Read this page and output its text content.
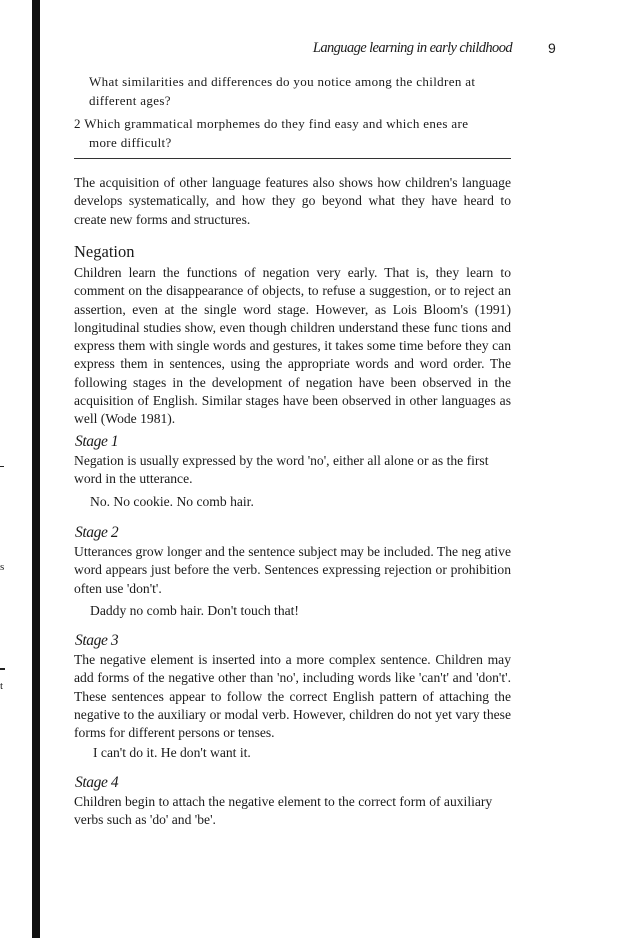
s
t
Language learning in early childhood	9

What similarities and differences do you notice among the children at

different ages?

2 Which grammatical morphemes do they find easy and which enes are

more difficult?

The acquisition of other language features also shows how children's language develops systematically, and how they go beyond what they have heard to create new forms and structures.

Negation

Children learn the functions of negation very early. That is, they learn to comment on the disappearance of objects, to refuse a suggestion, or to reject an assertion, even at the single word stage. However, as Lois Bloom's (1991) longitudinal studies show, even though children understand these func tions and express them with single words and gestures, it takes some time before they can express them in sentences, using the appropriate words and word order. The following stages in the development of negation have been observed in the acquisition of English. Similar stages have been observed in other languages as well (Wode 1981).

Stage 1

Negation is usually expressed by the word 'no', either all alone or as the first word in the utterance.

No. No cookie. No comb hair.

Stage 2

Utterances grow longer and the sentence subject may be included. The neg ative word appears just before the verb. Sentences expressing rejection or prohibition often use 'don't'.

Daddy no comb hair. Don't touch that!

Stage 3

The negative element is inserted into a more complex sentence. Children may add forms of the negative other than 'no', including words like 'can't' and 'don't'. These sentences appear to follow the correct English pattern of attaching the negative to the auxiliary or modal verb. However, children do not yet vary these forms for different persons or tenses.

I can't do it. He don't want it.

Stage 4

Children begin to attach the negative element to the correct form of auxiliary verbs such as 'do' and 'be'.
